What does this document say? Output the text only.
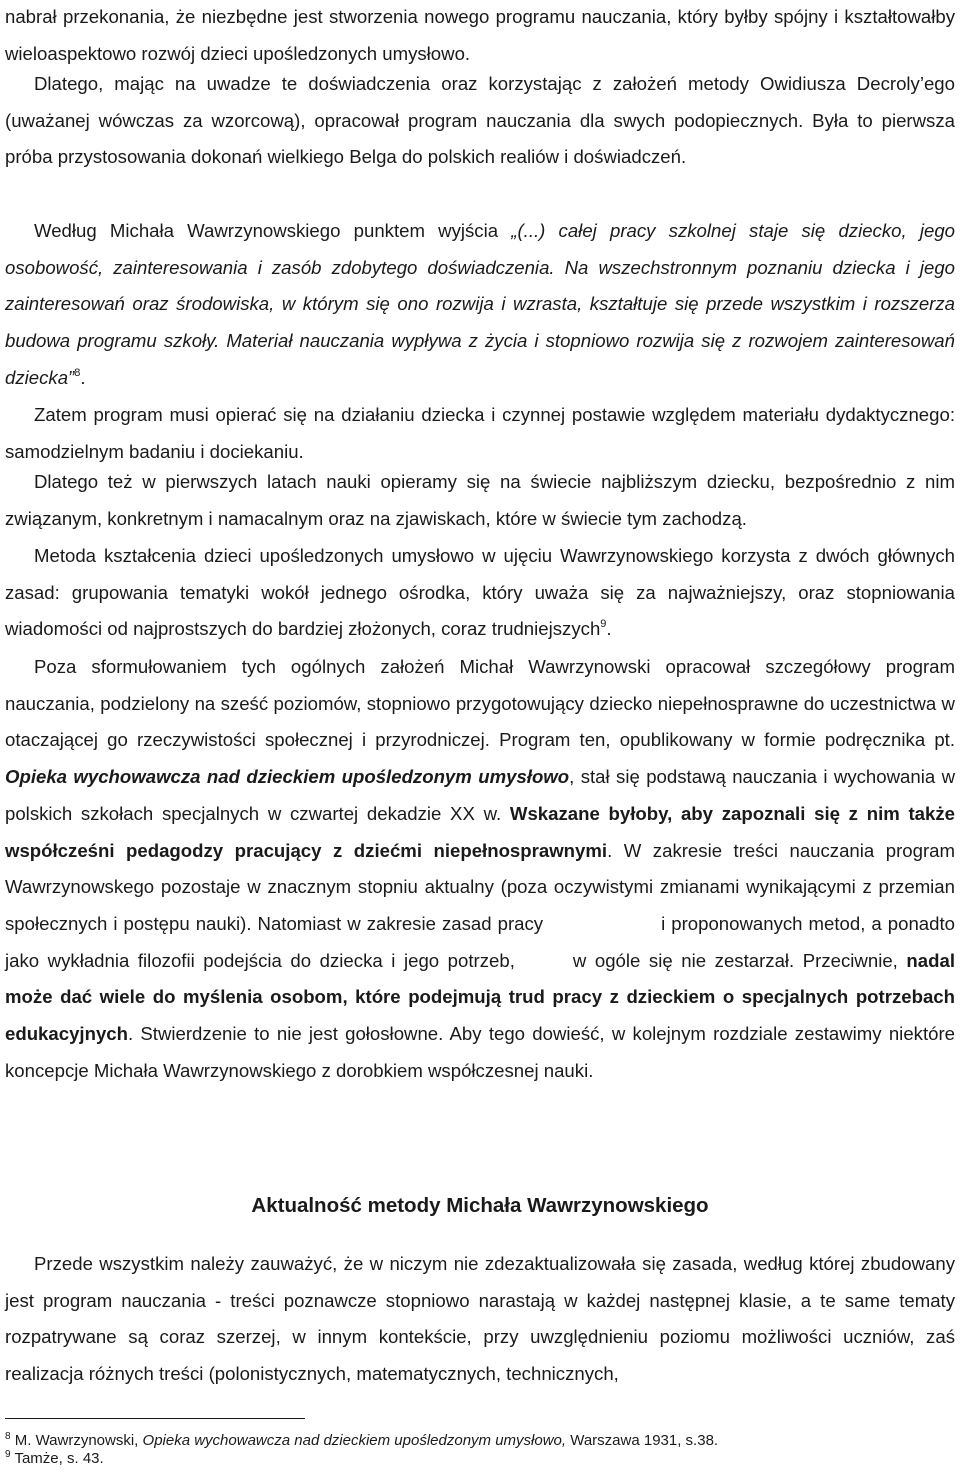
nabrał przekonania, że niezbędne jest stworzenia nowego programu nauczania, który byłby spójny i kształtowałby wieloaspektowo rozwój dzieci upośledzonych umysłowo.

Dlatego, mając na uwadze te doświadczenia oraz korzystając z założeń metody Owidiusza Decroly’ego (uważanej wówczas za wzorcową), opracował program nauczania dla swych podopiecznych. Była to pierwsza próba przystosowania dokonań wielkiego Belga do polskich realiów i doświadczeń.

Według Michała Wawrzynowskiego punktem wyjścia „(...) całej pracy szkolnej staje się dziecko, jego osobowość, zainteresowania i zasób zdobytego doświadczenia. Na wszechstronnym poznaniu dziecka i jego zainteresowań oraz środowiska, w którym się ono rozwija i wzrasta, kształtuje się przede wszystkim i rozszerza budowa programu szkoły. Materiał nauczania wypływa z życia i stopniowo rozwija się z rozwojem zainteresowań dziecka”$^8$.

Zatem program musi opierać się na działaniu dziecka i czynnej postawie względem materiału dydaktycznego: samodzielnym badaniu i dociekaniu.

Dlatego też w pierwszych latach nauki opieramy się na świecie najbliższym dziecku, bezpośrednio z nim związanym, konkretnym i namacalnym oraz na zjawiskach, które w świecie tym zachodzą.

Metoda kształcenia dzieci upośledzonych umysłowo w ujęciu Wawrzynowskiego korzysta z dwóch głównych zasad: grupowania tematyki wokół jednego ośrodka, który uważa się za najważniejszy, oraz stopniowania wiadomości od najprostszych do bardziej złożonych, coraz trudniejszych$^9$.

Poza sformułowaniem tych ogólnych założeń Michał Wawrzynowski opracował szczegółowy program nauczania, podzielony na sześć poziomów, stopniowo przygotowujący dziecko niepełnosprawne do uczestnictwa w otaczającej go rzeczywistości społecznej i przyrodniczej. Program ten, opublikowany w formie podręcznika pt. Opieka wychowawcza nad dzieckiem upośledzonym umysłowo, stał się podstawą nauczania i wychowania w polskich szkołach specjalnych w czwartej dekadzie XX w. Wskazane byłoby, aby zapoznali się z nim także współcześni pedagodzy pracujący z dziećmi niepełnosprawnymi. W zakresie treści nauczania program Wawrzynowskego pozostaje w znacznym stopniu aktualny (poza oczywistymi zmianami wynikającymi z przemian społecznych i postępu nauki). Natomiast w zakresie zasad pracy	i proponowanych metod, a ponadto jako wykładnia filozofii podejścia do dziecka i jego potrzeb,	w ogóle się nie zestarzał. Przeciwnie, nadal może dać wiele do myślenia osobom, które podejmują trud pracy z dzieckiem o specjalnych potrzebach edukacyjnych. Stwierdzenie to nie jest gołosłowne. Aby tego dowieść, w kolejnym rozdziale zestawimy niektóre koncepcje Michała Wawrzynowskiego z dorobkiem współczesnej nauki.

Aktualność metody Michała Wawrzynowskiego

Przede wszystkim należy zauważyć, że w niczym nie zdezaktualizowała się zasada, według której zbudowany jest program nauczania - treści poznawcze stopniowo narastają w każdej następnej klasie, a te same tematy rozpatrywane są coraz szerzej, w innym kontekście, przy uwzględnieniu poziomu możliwości uczniów, zaś realizacja różnych treści (polonistycznych, matematycznych, technicznych,

$^8$ M. Wawrzynowski, Opieka wychowawcza nad dzieckiem upośledzonym umysłowo, Warszawa 1931, s.38.

$^9$ Tamże, s. 43.
